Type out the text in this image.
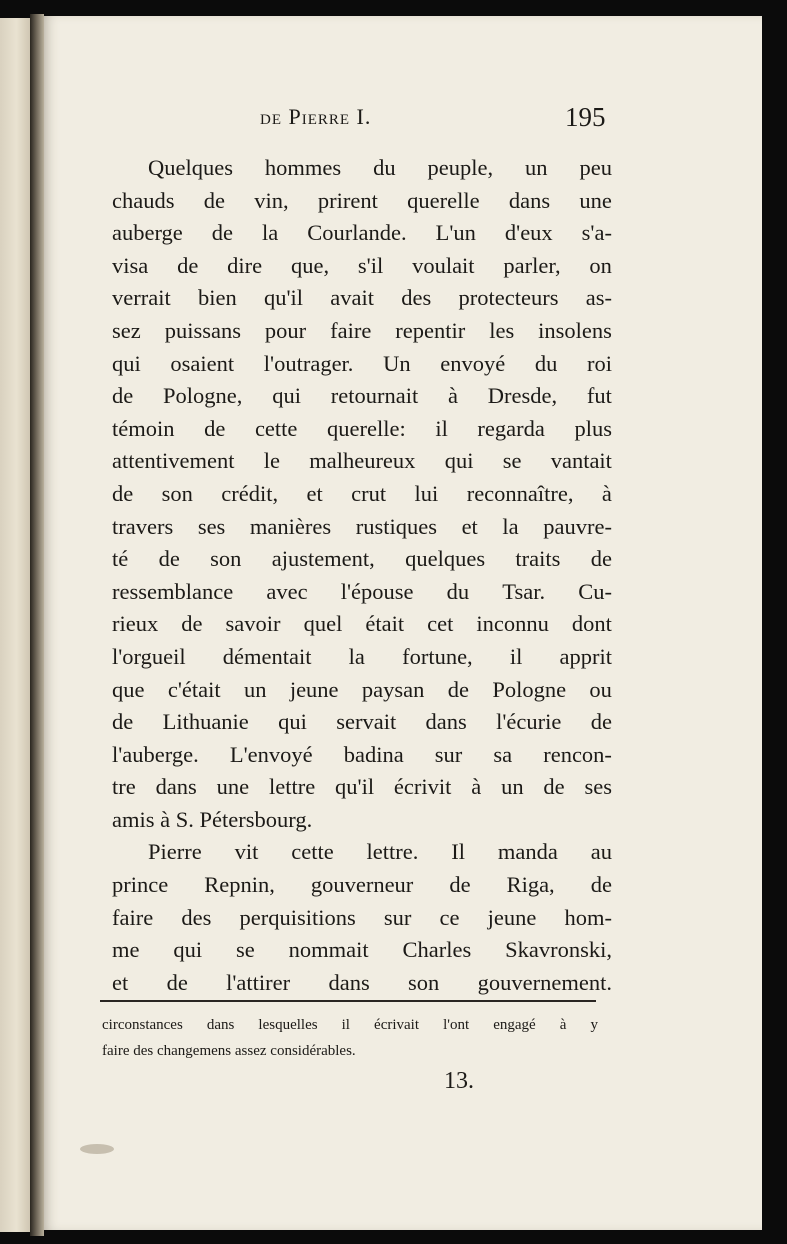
de Pierre I.	195
Quelques hommes du peuple, un peu
chauds de vin, prirent querelle dans une
auberge de la Courlande. L'un d'eux s'a-
visa de dire que, s'il voulait parler, on
verrait bien qu'il avait des protecteurs as-
sez puissans pour faire repentir les insolens
qui osaient l'outrager. Un envoyé du roi
de Pologne, qui retournait à Dresde, fut
témoin de cette querelle: il regarda plus
attentivement le malheureux qui se vantait
de son crédit, et crut lui reconnaître, à
travers ses manières rustiques et la pauvre-
té de son ajustement, quelques traits de
ressemblance avec l'épouse du Tsar. Cu-
rieux de savoir quel était cet inconnu dont
l'orgueil démentait la fortune, il apprit
que c'était un jeune paysan de Pologne ou
de Lithuanie qui servait dans l'écurie de
l'auberge. L'envoyé badina sur sa rencon-
tre dans une lettre qu'il écrivit à un de ses
amis
à
S.
Pétersbourg.
Pierre vit cette lettre. Il manda au
prince Repnin, gouverneur de Riga, de
faire des perquisitions sur ce jeune hom-
me qui se nommait Charles Skavronski,
et de l'attirer dans son gouvernement.
circonstances dans lesquelles il écrivait l'ont engagé à y
faire
des
changemens
assez
considérables.
13.
